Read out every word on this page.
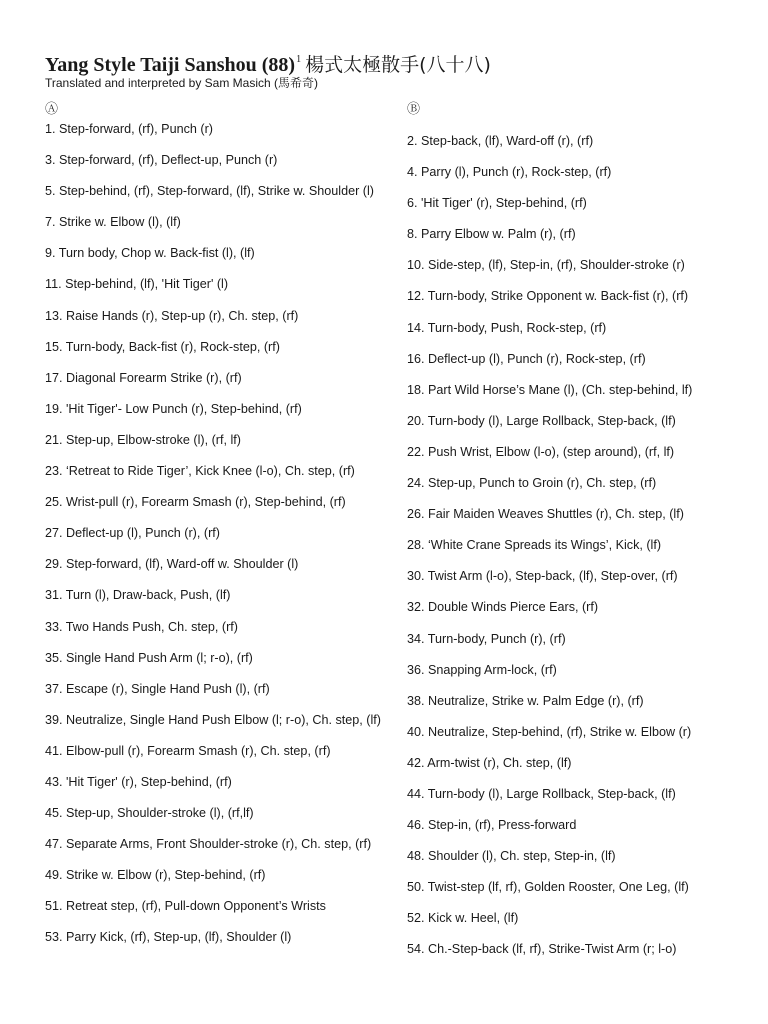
Yang Style Taiji Sanshou $(88)^1$ 楊式太極散手(八十八)

Translated and interpreted by Sam Masich (馬希奇)

Ⓐ
1. Step-forward, (rf), Punch (r)
3. Step-forward, (rf), Deflect-up, Punch (r)
5. Step-behind, (rf), Step-forward, (lf), Strike w. Shoulder (l)
7. Strike w. Elbow (l), (lf)
9. Turn body, Chop w. Back-fist (l), (lf)
11. Step-behind, (lf), 'Hit Tiger' (l)
13. Raise Hands (r), Step-up (r), Ch. step, (rf)
15. Turn-body, Back-fist (r), Rock-step, (rf)
17. Diagonal Forearm Strike (r), (rf)
19. 'Hit Tiger'- Low Punch (r), Step-behind, (rf)
21. Step-up, Elbow-stroke (l), (rf, lf)
23. ‘Retreat to Ride Tiger’, Kick Knee (l-o), Ch. step, (rf)
25. Wrist-pull (r), Forearm Smash (r), Step-behind, (rf)
27. Deflect-up (l), Punch (r), (rf)
29. Step-forward, (lf), Ward-off w. Shoulder (l)
31. Turn (l), Draw-back, Push, (lf)
33. Two Hands Push, Ch. step, (rf)
35. Single Hand Push Arm (l; r-o), (rf)
37. Escape (r), Single Hand Push (l), (rf)
39. Neutralize, Single Hand Push Elbow (l; r-o), Ch. step, (lf)
41. Elbow-pull (r), Forearm Smash (r), Ch. step, (rf)
43. 'Hit Tiger' (r), Step-behind, (rf)
45. Step-up, Shoulder-stroke (l), (rf,lf)
47. Separate Arms, Front Shoulder-stroke (r), Ch. step, (rf)
49. Strike w. Elbow (r), Step-behind, (rf)
51. Retreat step, (rf), Pull-down Opponent’s Wrists
53. Parry Kick, (rf), Step-up, (lf), Shoulder (l)
Ⓑ
2. Step-back, (lf), Ward-off (r), (rf)
4. Parry (l), Punch (r), Rock-step, (rf)
6. 'Hit Tiger' (r), Step-behind, (rf)
8. Parry Elbow w. Palm (r), (rf)
10. Side-step, (lf), Step-in, (rf), Shoulder-stroke (r)
12. Turn-body, Strike Opponent w. Back-fist (r), (rf)
14. Turn-body, Push, Rock-step, (rf)
16. Deflect-up (l), Punch (r), Rock-step, (rf)
18. Part Wild Horse’s Mane (l), (Ch. step-behind, lf)
20. Turn-body (l), Large Rollback, Step-back, (lf)
22. Push Wrist, Elbow (l-o), (step around), (rf, lf)
24. Step-up, Punch to Groin (r), Ch. step, (rf)
26. Fair Maiden Weaves Shuttles (r), Ch. step, (lf)
28. ‘White Crane Spreads its Wings’, Kick, (lf)
30. Twist Arm (l-o), Step-back, (lf), Step-over, (rf)
32. Double Winds Pierce Ears, (rf)
34. Turn-body, Punch (r), (rf)
36. Snapping Arm-lock, (rf)
38. Neutralize, Strike w. Palm Edge (r), (rf)
40. Neutralize, Step-behind, (rf), Strike w. Elbow (r)
42. Arm-twist (r), Ch. step, (lf)
44. Turn-body (l), Large Rollback, Step-back, (lf)
46. Step-in, (rf), Press-forward
48. Shoulder (l), Ch. step, Step-in, (lf)
50. Twist-step (lf, rf), Golden Rooster, One Leg, (lf)
52. Kick w. Heel, (lf)
54. Ch.-Step-back (lf, rf), Strike-Twist Arm (r; l-o)
